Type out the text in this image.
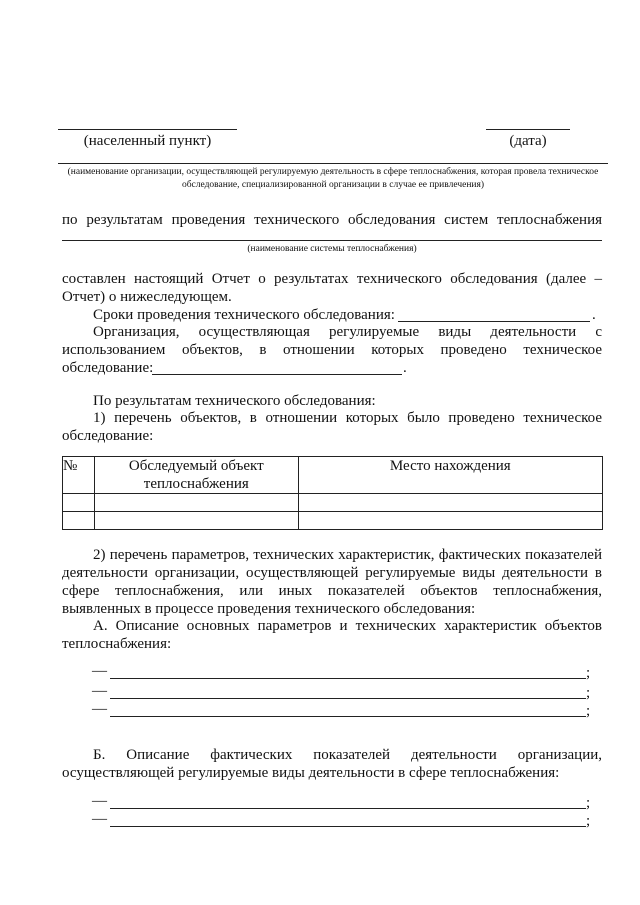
(населенный пункт)	(дата)
(наименование организации, осуществляющей регулируемую деятельность в сфере теплоснабжения, которая провела техническое обследование, специализированной организации в случае ее привлечения)
по результатам проведения технического обследования систем теплоснабжения
(наименование системы теплоснабжения)
составлен настоящий Отчет о результатах технического обследования (далее –
Отчет) о нижеследующем.
Сроки проведения технического обследования:	.
Организация, осуществляющая регулируемые виды деятельности с
использованием объектов, в отношении которых проведено техническое
обследование:	.
По результатам технического обследования:
1) перечень объектов, в отношении которых было проведено техническое
обследование:
№	Обследуемый объект теплоснабжения	Место нахождения

2) перечень параметров, технических характеристик, фактических показателей
деятельности организации, осуществляющей регулируемые виды деятельности в
сфере теплоснабжения, или иных показателей объектов теплоснабжения,
выявленных в процессе проведения технического обследования:
А. Описание основных параметров и технических характеристик объектов
теплоснабжения:
—	;
—	;
—	;
Б. Описание фактических показателей деятельности организации,
осуществляющей регулируемые виды деятельности в сфере теплоснабжения:
—	;
—	;
